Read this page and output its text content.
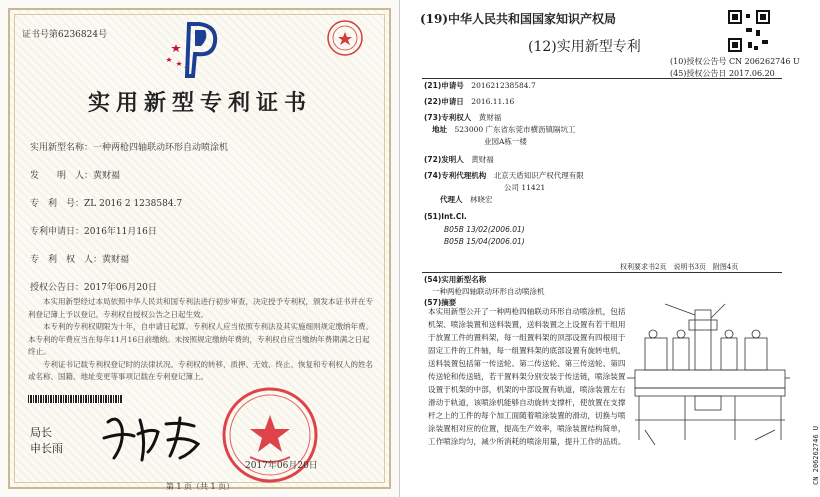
证书号第6236824号
实用新型专利证书
实用新型名称：一种两枪四轴联动环形自动喷涂机
发　　明　人：黄财福
专　利　号：ZL 2016 2 1238584.7
专利申请日：2016年11月16日
专　利　权　人：黄财福
授权公告日：2017年06月20日

本实用新型经过本局依照中华人民共和国专利法进行初步审查，决定授予专利权，颁发本证书并在专利登记簿上予以登记。专利权自授权公告之日起生效。

本专利的专利权期限为十年，自申请日起算。专利权人应当依照专利法及其实施细则规定缴纳年费。本专利的年费应当在每年11月16日前缴纳。未按照规定缴纳年费的，专利权自应当缴纳年费期满之日起终止。

专利证书记载专利权登记时的法律状况。专利权的转移、质押、无效、终止、恢复和专利权人的姓名或名称、国籍、地址变更等事项记载在专利登记簿上。

局长
申长雨
2017年06月20日
第 1 页（共 1 页）
(19)中华人民共和国国家知识产权局
(12)实用新型专利
(10)授权公告号 CN 206262746 U
(45)授权公告日 2017.06.20
(21)申请号　 201621238584.7
(22)申请日　 2016.11.16
(73)专利权人　 黄财福
地址　 523000 广东省东莞市横沥镇隔坑工
业园A栋一楼
(72)发明人　 黄财福
(74)专利代理机构　 北京天盾知识产权代理有限
公司 11421
代理人　 林晓宏
(51)Int.Cl.
B05B 13/02(2006.01)
B05B 15/04(2006.01)
权利要求书2页　说明书3页　附图4页
(54)实用新型名称
一种两枪四轴联动环形自动喷涂机
(57)摘要
本实用新型公开了一种两枪四轴联动环形自动喷涂机，包括机架、喷涂装置和送料装置，送料装置之上设置有若干组用于放置工件的置料架，每一组置料架的顶部设置有四根用于固定工件的工件轴，每一组置料架的底部设置有旋转电机，送料装置包括第一传送轮、第二传送轮、第三传送轮、第四传送轮和传送链，若干置料架分别安装于传送链，喷涂装置设置于机架的中部，机架的中部设置有轨道，喷涂装置左右滑动于轨道，该喷涂机能够自动旋转支撑杆，使放置在支撑杆之上的工件的每个加工面随着喷涂装置的滑动，切换与喷涂装置相对应的位置，提高生产效率，喷涂装置结构简单，工作喷涂均匀，减少所消耗的喷涂用量，提升工作的品质。	CN 206262746 U
